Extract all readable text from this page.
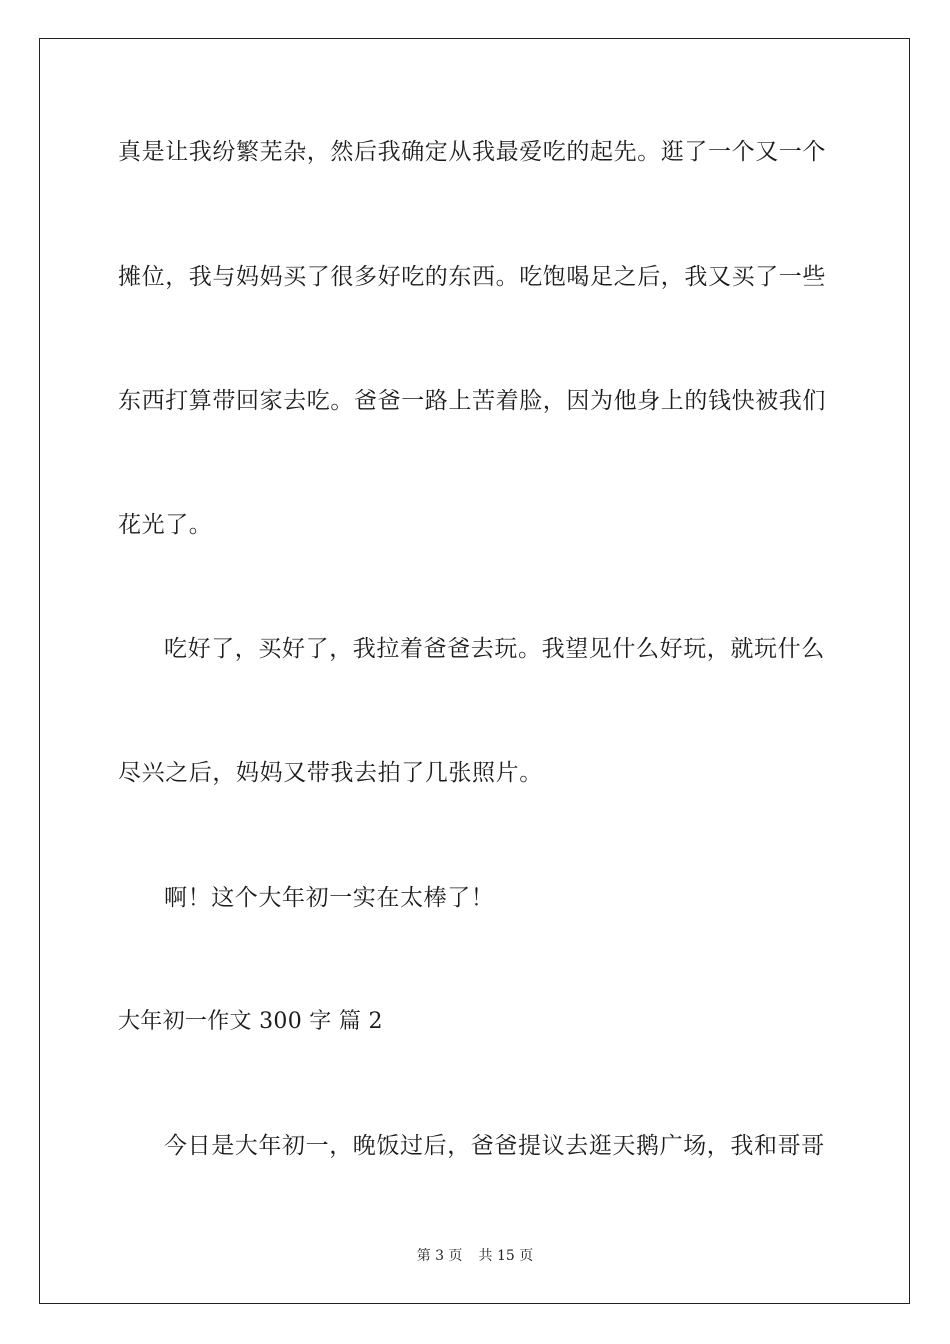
真是让我纷繁芜杂，然后我确定从我最爱吃的起先。逛了一个又一个
摊位，我与妈妈买了很多好吃的东西。吃饱喝足之后，我又买了一些
东西打算带回家去吃。爸爸一路上苦着脸，因为他身上的钱快被我们
花光了。
吃好了，买好了，我拉着爸爸去玩。我望见什么好玩，就玩什么
尽兴之后，妈妈又带我去拍了几张照片。
啊！这个大年初一实在太棒了！
大年初一作文 300 字 篇 2
今日是大年初一，晚饭过后，爸爸提议去逛天鹅广场，我和哥哥
第 3 页 共 15 页
